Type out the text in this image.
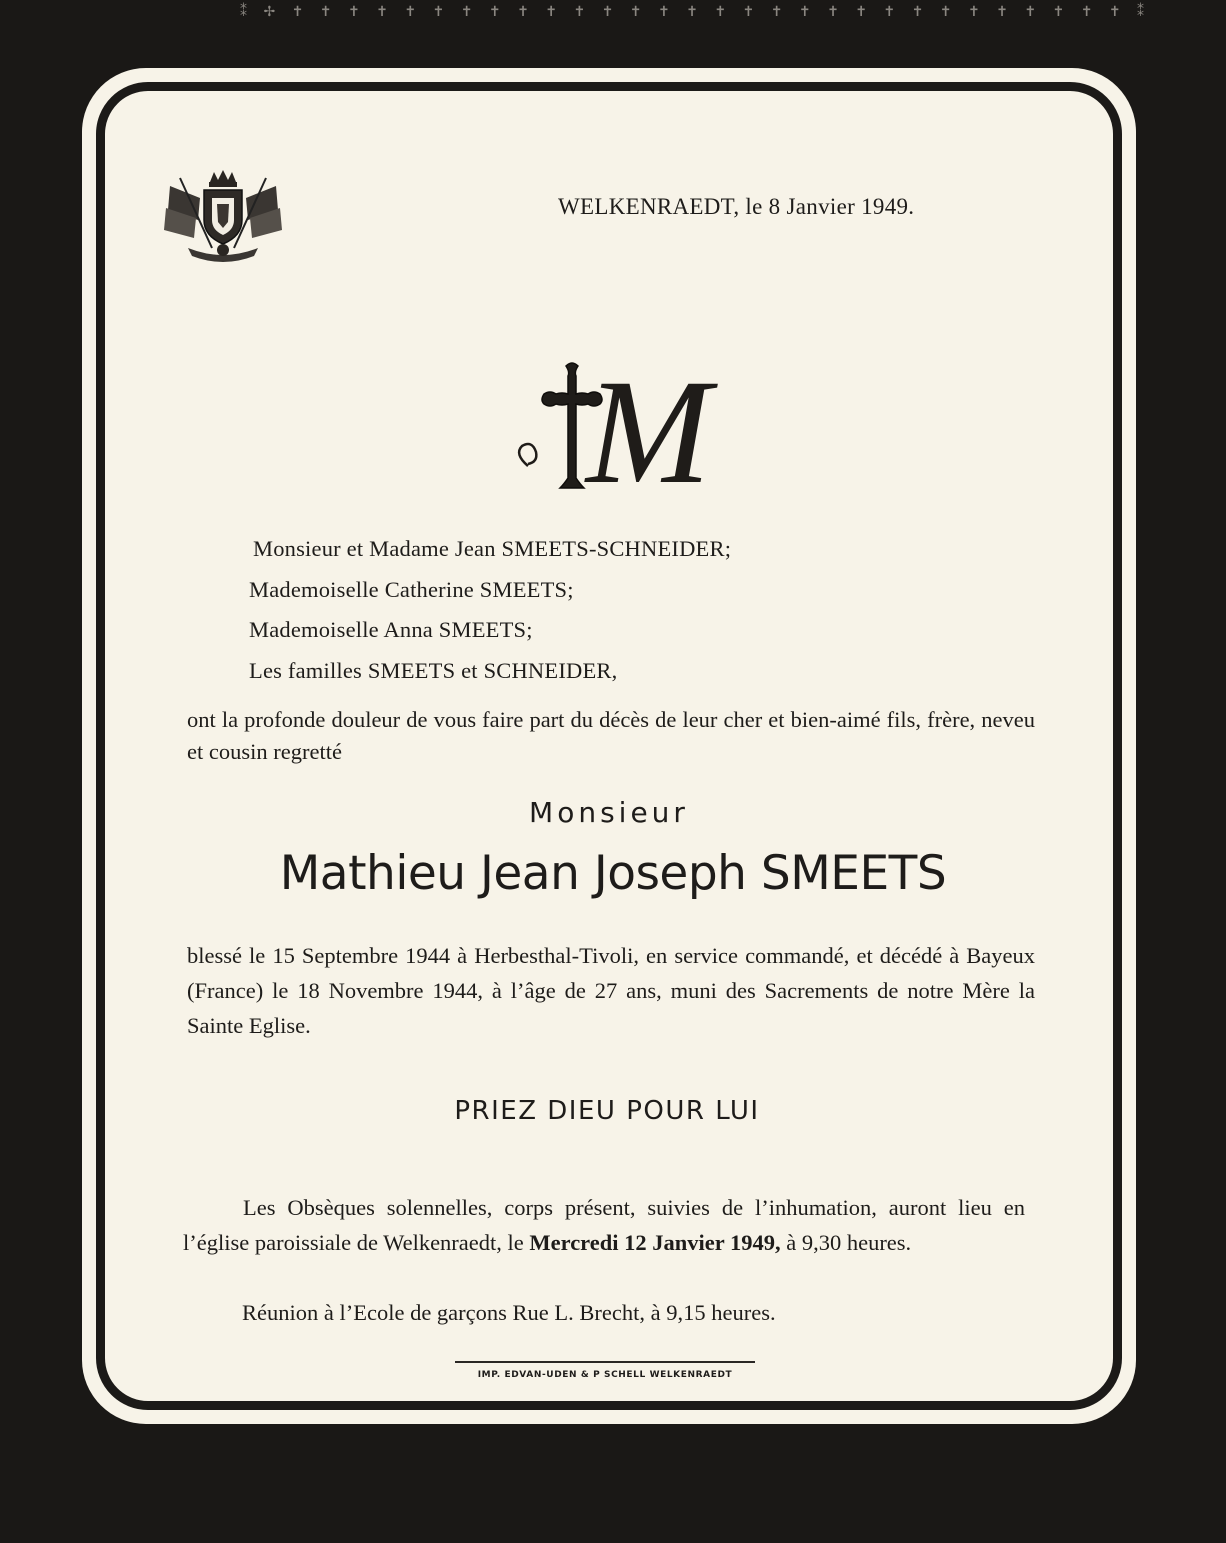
⁑ ✢ ✝ ✝ ✝ ✝ ✝ ✝ ✝ ✝ ✝ ✝ ✝ ✝ ✝ ✝ ✝ ✝ ✝ ✝ ✝ ✝ ✝ ✝ ✝ ✝ ✝ ✝ ✝ ✝ ✝ ✝ ⁑
WELKENRAEDT, le 8 Janvier 1949.
M
Monsieur et Madame Jean SMEETS-SCHNEIDER;
Mademoiselle Catherine SMEETS;
Mademoiselle Anna SMEETS;
Les familles SMEETS et SCHNEIDER,
ont la profonde douleur de vous faire part du décès de leur cher et bien-aimé fils, frère, neveu et cousin regretté
Monsieur
Mathieu Jean Joseph SMEETS
blessé le 15 Septembre 1944 à Herbesthal-Tivoli, en service commandé, et décédé à Bayeux (France) le 18 Novembre 1944, à l’âge de 27 ans, muni des Sacrements de notre Mère la Sainte Eglise.
PRIEZ DIEU POUR LUI
Les Obsèques solennelles, corps présent, suivies de l’inhumation, auront lieu en l’église paroissiale de Welkenraedt, le Mercredi 12 Janvier 1949, à 9,30 heures.
Réunion à l’Ecole de garçons Rue L. Brecht, à 9,15 heures.
IMP. EDVAN-UDEN & P SCHELL WELKENRAEDT
